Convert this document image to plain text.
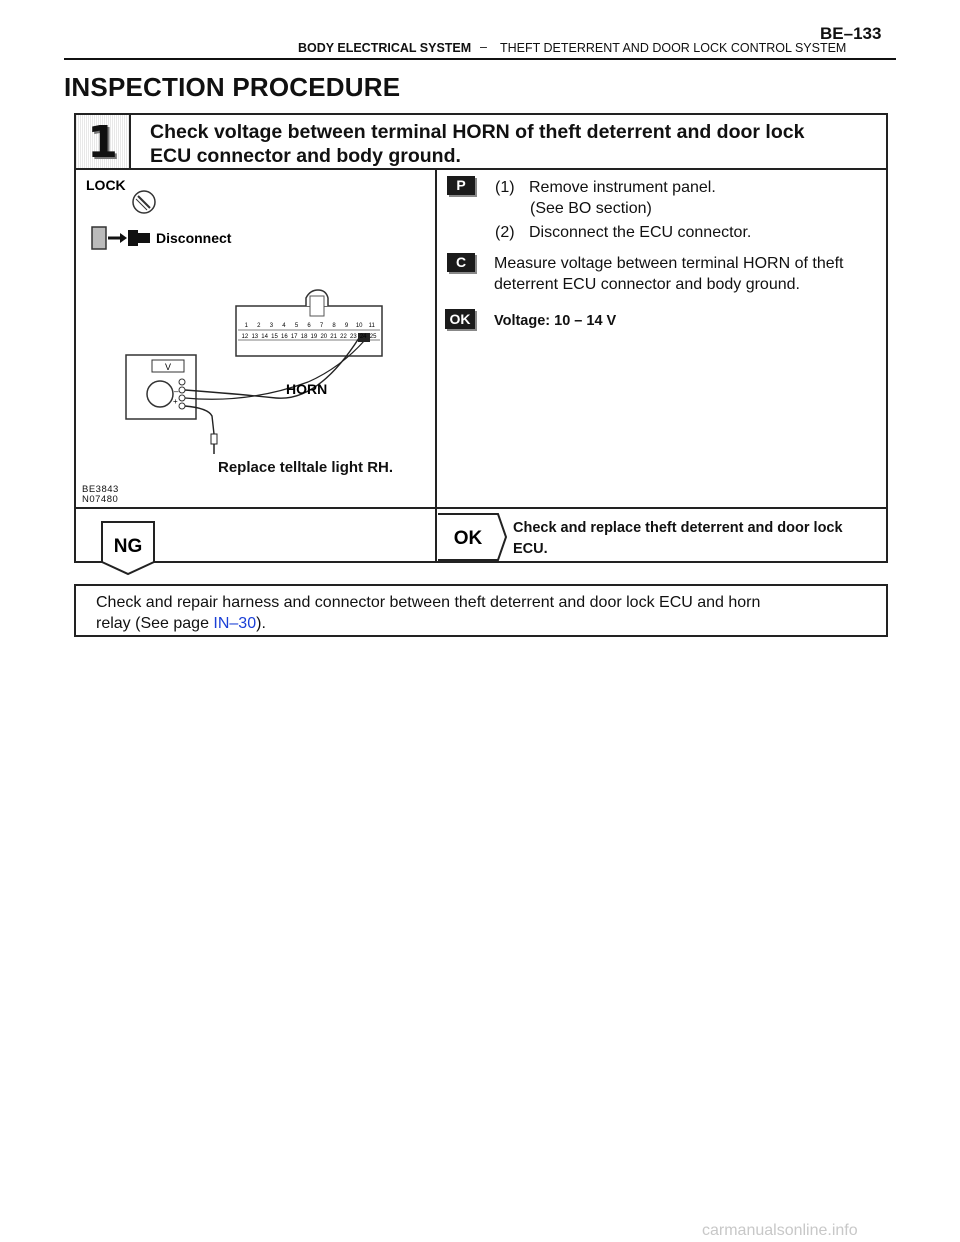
BE–133
BODY ELECTRICAL SYSTEM – THEFT DETERRENT AND DOOR LOCK CONTROL SYSTEM
INSPECTION PROCEDURE
1	Check voltage between terminal HORN of theft deterrent and door lock
ECU connector and body ground.
LOCK
Disconnect
1 2 3 4 5 6 7 8 9 10 11
12 13 14 15 16 17 18 19 20 21 22 23 24 25
V
–
+
HORN
Replace telltale light RH.
BE3843
N07480
P	(1) Remove instrument panel.
(See BO section)
(2) Disconnect the ECU connector.
C	Measure voltage between terminal HORN of theft
deterrent ECU connector and body ground.
OK	Voltage: 10 – 14 V
NG	OK Check and replace theft deterrent and door lock
ECU.
Check and repair harness and connector between theft deterrent and door lock ECU and horn
relay (See page IN–30).
carmanualsonline.info
